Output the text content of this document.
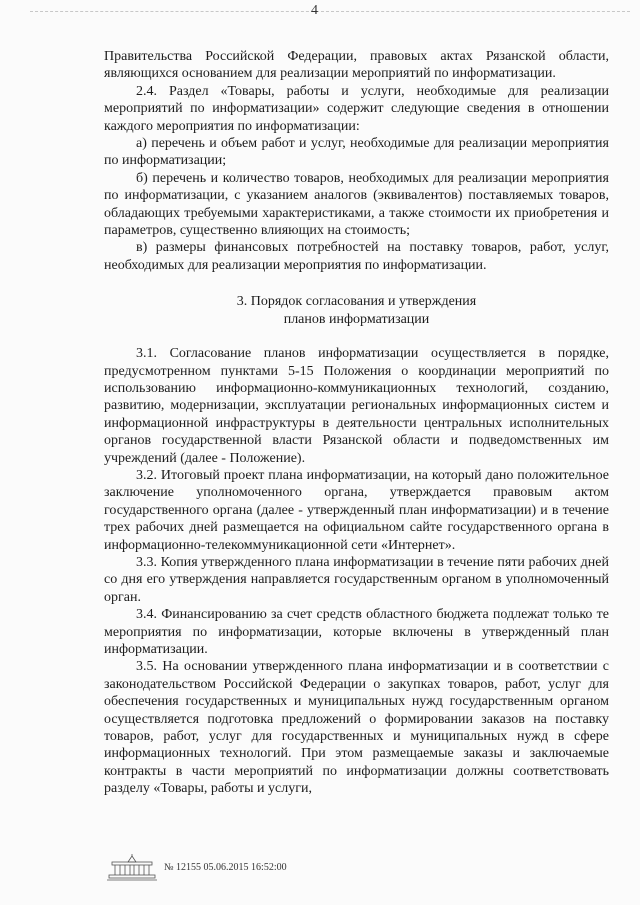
4

Правительства Российской Федерации, правовых актах Рязанской области, являющихся основанием для реализации мероприятий по информатизации.

2.4. Раздел «Товары, работы и услуги, необходимые для реализации мероприятий по информатизации» содержит следующие сведения в отношении каждого мероприятия по информатизации:

а) перечень и объем работ и услуг, необходимые для реализации мероприятия по информатизации;

б) перечень и количество товаров, необходимых для реализации мероприятия по информатизации, с указанием аналогов (эквивалентов) поставляемых товаров, обладающих требуемыми характеристиками, а также стоимости их приобретения и параметров, существенно влияющих на стоимость;

в) размеры финансовых потребностей на поставку товаров, работ, услуг, необходимых для реализации мероприятия по информатизации.

3. Порядок согласования и утверждения
планов информатизации

3.1. Согласование планов информатизации осуществляется в порядке, предусмотренном пунктами 5-15 Положения о координации мероприятий по использованию информационно-коммуникационных технологий, созданию, развитию, модернизации, эксплуатации региональных информационных систем и информационной инфраструктуры в деятельности центральных исполнительных органов государственной власти Рязанской области и подведомственных им учреждений (далее - Положение).

3.2. Итоговый проект плана информатизации, на который дано положительное заключение уполномоченного органа, утверждается правовым актом государственного органа (далее - утвержденный план информатизации) и в течение трех рабочих дней размещается на официальном сайте государственного органа в информационно-телекоммуникационной сети «Интернет».

3.3. Копия утвержденного плана информатизации в течение пяти рабочих дней со дня его утверждения направляется государственным органом в уполномоченный орган.

3.4. Финансированию за счет средств областного бюджета подлежат только те мероприятия по информатизации, которые включены в утвержденный план информатизации.

3.5. На основании утвержденного плана информатизации и в соответствии с законодательством Российской Федерации о закупках товаров, работ, услуг для обеспечения государственных и муниципальных нужд государственным органом осуществляется подготовка предложений о формировании заказов на поставку товаров, работ, услуг для государственных и муниципальных нужд в сфере информационных технологий. При этом размещаемые заказы и заключаемые контракты в части мероприятий по информатизации должны соответствовать разделу «Товары, работы и услуги,

№ 12155 05.06.2015 16:52:00
